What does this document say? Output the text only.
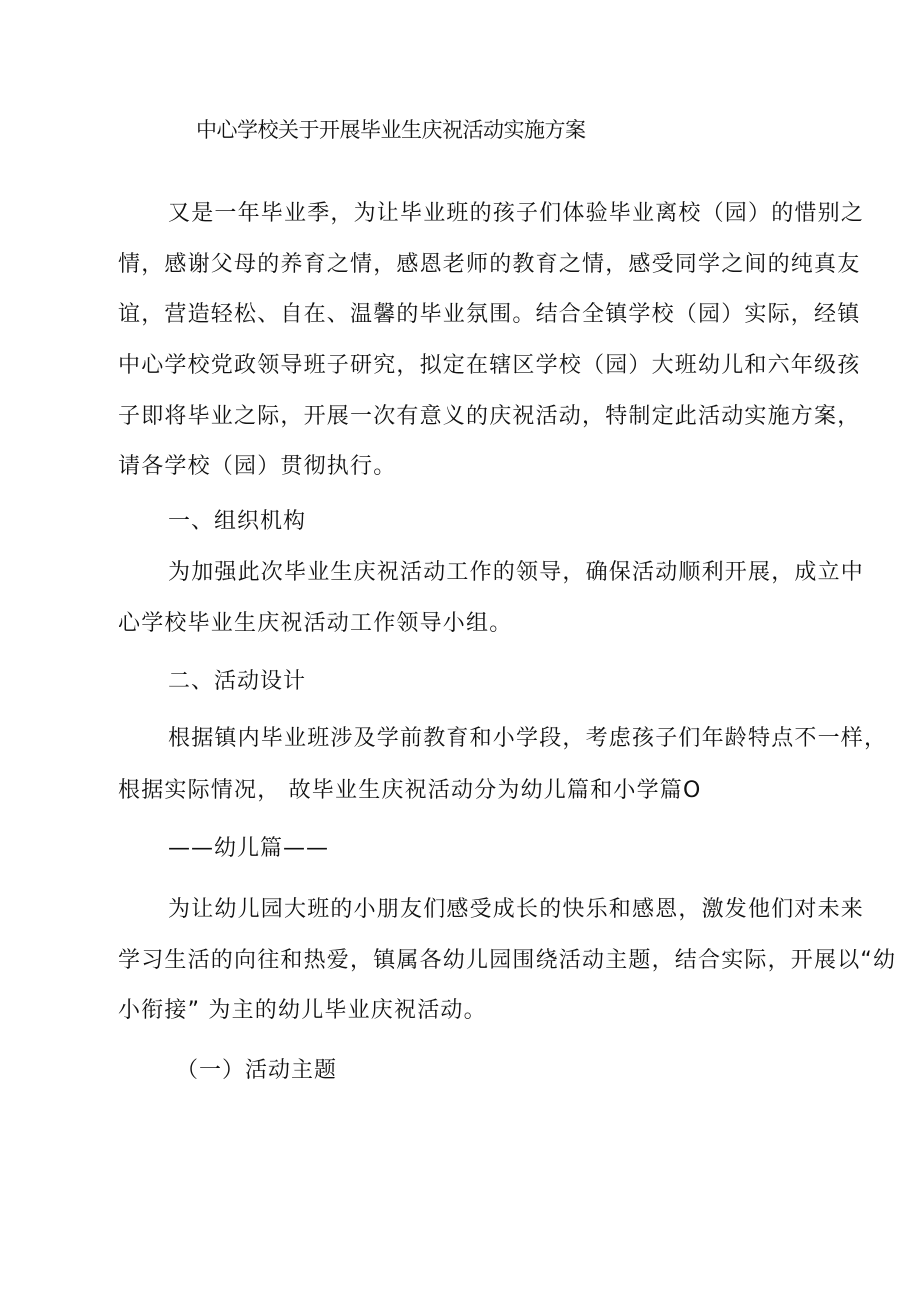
中心学校关于开展毕业生庆祝活动实施方案
又是一年毕业季，为让毕业班的孩子们体验毕业离校（园）的惜别之
情，感谢父母的养育之情，感恩老师的教育之情，感受同学之间的纯真友
谊，营造轻松、自在、温馨的毕业氛围。结合全镇学校（园）实际，经镇
中心学校党政领导班子研究，拟定在辖区学校（园）大班幼儿和六年级孩
子即将毕业之际，开展一次有意义的庆祝活动，特制定此活动实施方案，
请各学校（园）贯彻执行。
一、组织机构
为加强此次毕业生庆祝活动工作的领导，确保活动顺利开展，成立中
心学校毕业生庆祝活动工作领导小组。
二、活动设计
根据镇内毕业班涉及学前教育和小学段，考虑孩子们年龄特点不一样，
根据实际情况， 故毕业生庆祝活动分为幼儿篇和小学篇O
——幼儿篇——
为让幼儿园大班的小朋友们感受成长的快乐和感恩，激发他们对未来
学习生活的向往和热爱，镇属各幼儿园围绕活动主题，结合实际，开展以“幼
小衔接” 为主的幼儿毕业庆祝活动。
（一）活动主题
